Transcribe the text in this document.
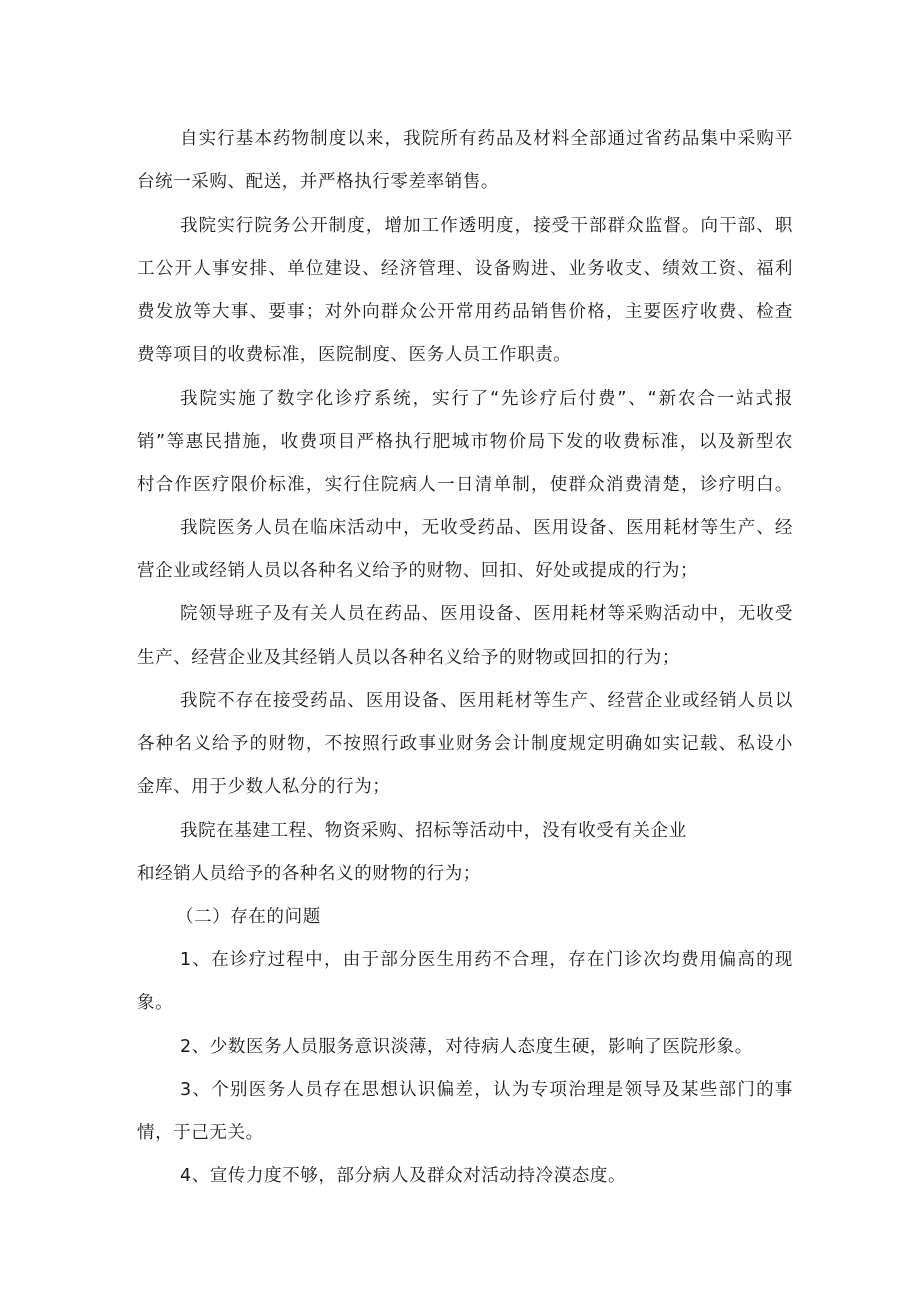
自实行基本药物制度以来，我院所有药品及材料全部通过省药品集中采购平
台统一采购、配送，并严格执行零差率销售。
我院实行院务公开制度，增加工作透明度，接受干部群众监督。向干部、职
工公开人事安排、单位建设、经济管理、设备购进、业务收支、绩效工资、福利
费发放等大事、要事；对外向群众公开常用药品销售价格，主要医疗收费、检查
费等项目的收费标准，医院制度、医务人员工作职责。
我院实施了数字化诊疗系统，实行了“先诊疗后付费”、“新农合一站式报
销”等惠民措施，收费项目严格执行肥城市物价局下发的收费标准，以及新型农
村合作医疗限价标准，实行住院病人一日清单制，使群众消费清楚，诊疗明白。
我院医务人员在临床活动中，无收受药品、医用设备、医用耗材等生产、经
营企业或经销人员以各种名义给予的财物、回扣、好处或提成的行为；
院领导班子及有关人员在药品、医用设备、医用耗材等采购活动中，无收受
生产、经营企业及其经销人员以各种名义给予的财物或回扣的行为；
我院不存在接受药品、医用设备、医用耗材等生产、经营企业或经销人员以
各种名义给予的财物，不按照行政事业财务会计制度规定明确如实记载、私设小
金库、用于少数人私分的行为；
我院在基建工程、物资采购、招标等活动中，没有收受有关企业
和经销人员给予的各种名义的财物的行为；
（二）存在的问题
1、在诊疗过程中，由于部分医生用药不合理，存在门诊次均费用偏高的现
象。
2、少数医务人员服务意识淡薄，对待病人态度生硬，影响了医院形象。
3、个别医务人员存在思想认识偏差，认为专项治理是领导及某些部门的事
情，于己无关。
4、宣传力度不够，部分病人及群众对活动持冷漠态度。
